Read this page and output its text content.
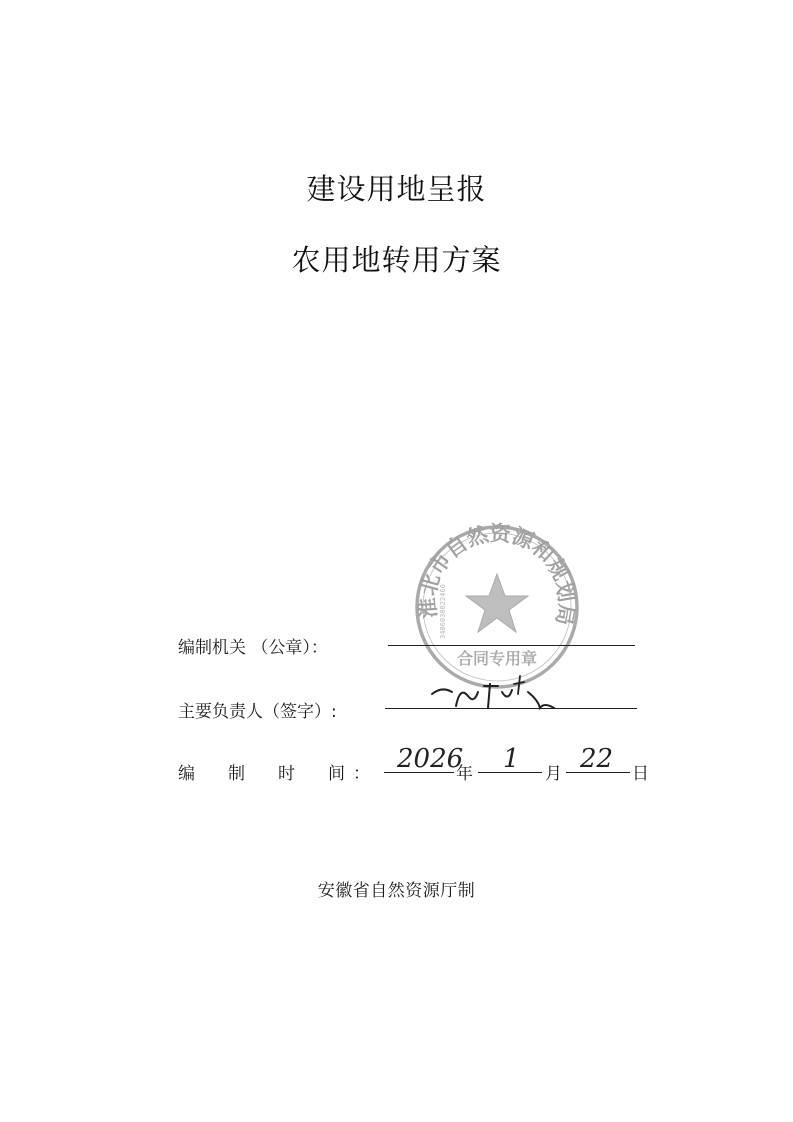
建设用地呈报
农用地转用方案
淮北市自然资源和规划局
3406030022466
合同专用章
编制机关 （公章）：
主要负责人（签字）:
编　制　时　间： 2026
年 1 月 22 日
安徽省自然资源厅制
